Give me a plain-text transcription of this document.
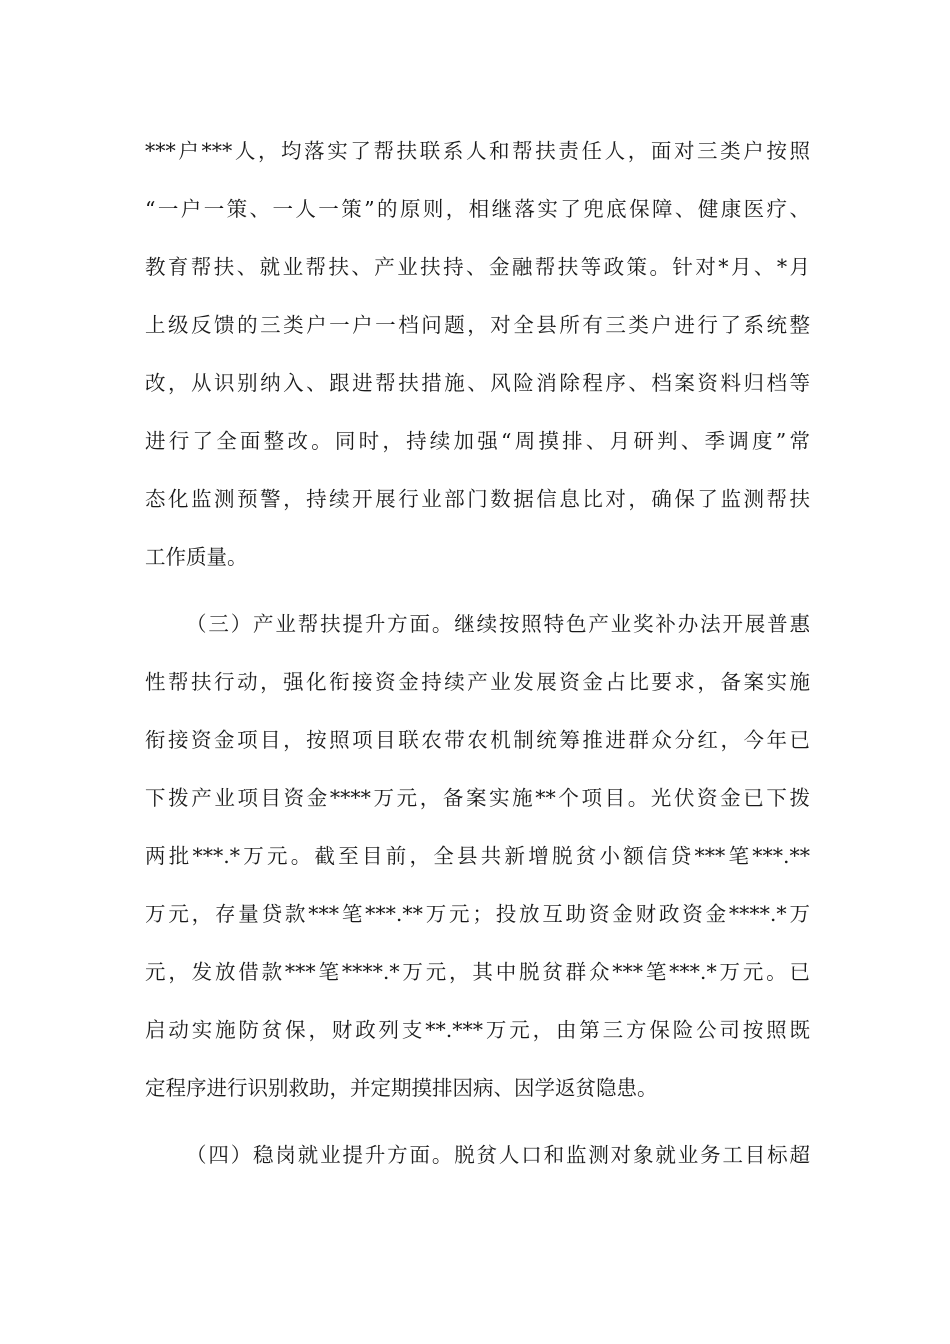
***户***人，均落实了帮扶联系人和帮扶责任人，面对三类户按照
“一户一策、一人一策”的原则，相继落实了兜底保障、健康医疗、
教育帮扶、就业帮扶、产业扶持、金融帮扶等政策。针对*月、*月
上级反馈的三类户一户一档问题，对全县所有三类户进行了系统整
改，从识别纳入、跟进帮扶措施、风险消除程序、档案资料归档等
进行了全面整改。同时，持续加强“周摸排、月研判、季调度”常
态化监测预警，持续开展行业部门数据信息比对，确保了监测帮扶
工作质量。
（三）产业帮扶提升方面。继续按照特色产业奖补办法开展普惠
性帮扶行动，强化衔接资金持续产业发展资金占比要求，备案实施
衔接资金项目，按照项目联农带农机制统筹推进群众分红，今年已
下拨产业项目资金****万元，备案实施**个项目。光伏资金已下拨
两批***.*万元。截至目前，全县共新增脱贫小额信贷***笔***.**
万元，存量贷款***笔***.**万元；投放互助资金财政资金****.*万
元，发放借款***笔****.*万元，其中脱贫群众***笔***.*万元。已
启动实施防贫保，财政列支**.***万元，由第三方保险公司按照既
定程序进行识别救助，并定期摸排因病、因学返贫隐患。
（四）稳岗就业提升方面。脱贫人口和监测对象就业务工目标超
